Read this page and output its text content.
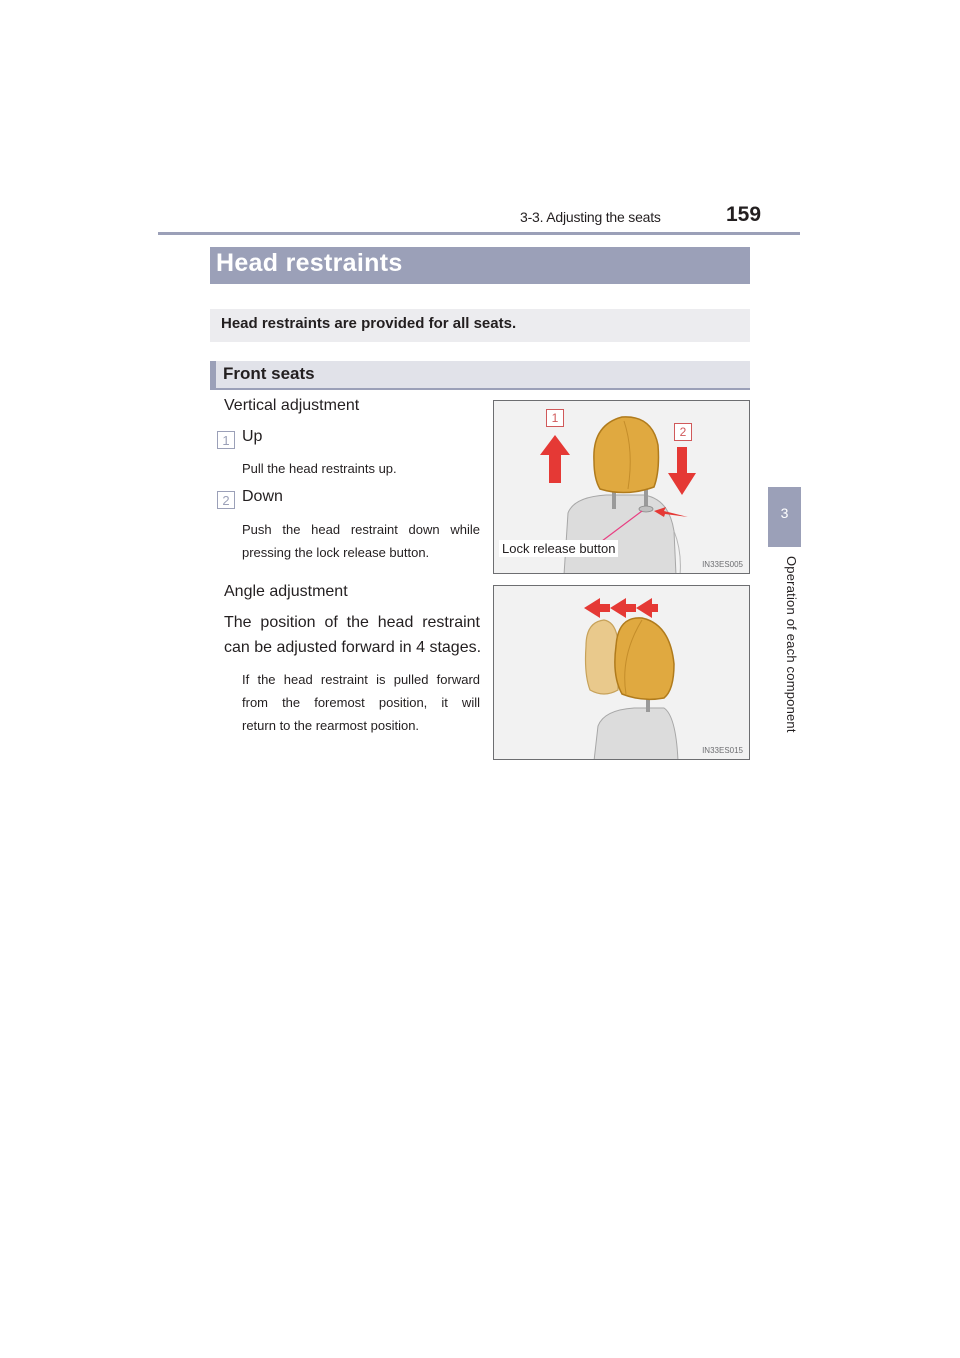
3-3. Adjusting the seats	159
3
Operation of each component
Head restraints
Head restraints are provided for all seats.
Front seats
Vertical adjustment
1 Up
Pull the head restraints up.
2 Down
Push the head restraint down while
pressing the lock release button.
Angle adjustment
The position of the head restraint
can be adjusted forward in 4 stages.
If the head restraint is pulled forward
from the foremost position, it will
return to the rearmost position.
1
2
Lock release button
IN33ES005
IN33ES015
